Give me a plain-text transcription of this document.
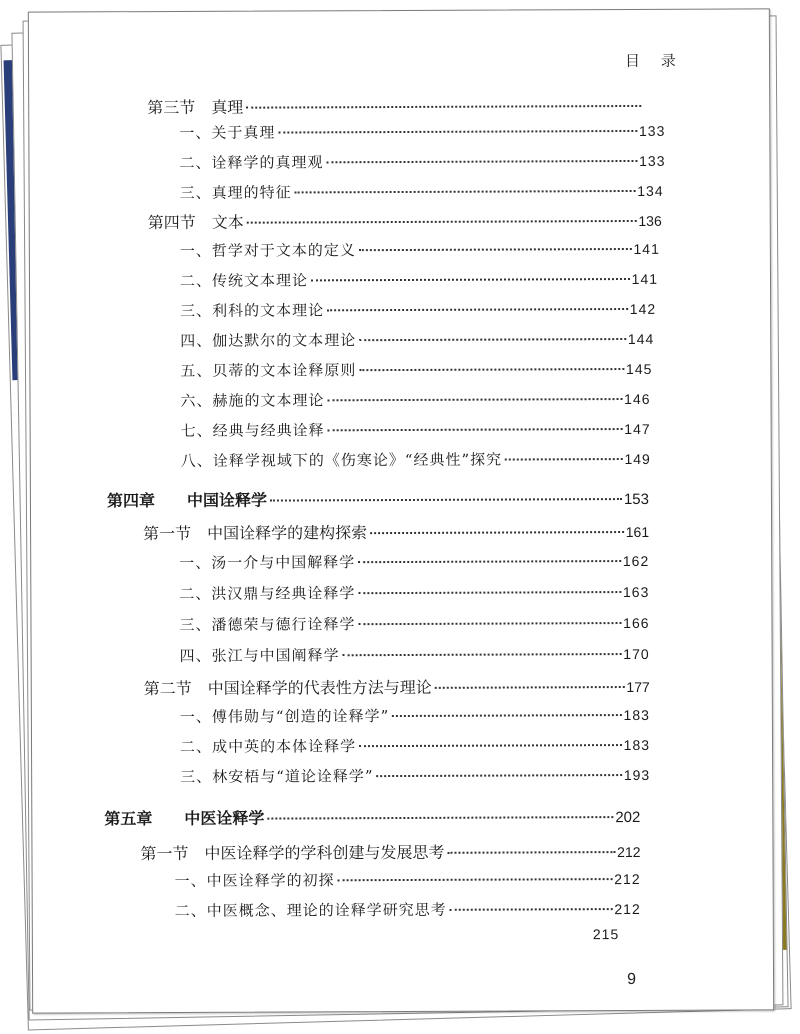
目 录
第三节 真理
一、 关于真理	133
二、 诠释学的真理观	133
三、 真理的特征	134
第四节 文本	136
一、 哲学对于文本的定义	141
二、 传统文本理论	141
三、 利科的文本理论	142
四、 伽达默尔的文本理论	144
五、 贝蒂的文本诠释原则	145
六、 赫施的文本理论	146
七、 经典与经典诠释	147
八、 诠释学视域下的《伤寒论》“经典性”探究	149
第四章	中国诠释学	153
第一节 中国诠释学的建构探索	161
一、 汤一介与中国解释学	162
二、 洪汉鼎与经典诠释学	163
三、 潘德荣与德行诠释学	166
四、 张江与中国阐释学	170
第二节 中国诠释学的代表性方法与理论	177
一、 傅伟勋与“创造的诠释学”	183
二、 成中英的本体诠释学	183
三、 林安梧与“道论诠释学”	193
第五章	中医诠释学	202
第一节 中医诠释学的学科创建与发展思考	212
一、 中医诠释学的初探	212
二、 中医概念、理论的诠释学研究思考	212
215
9
